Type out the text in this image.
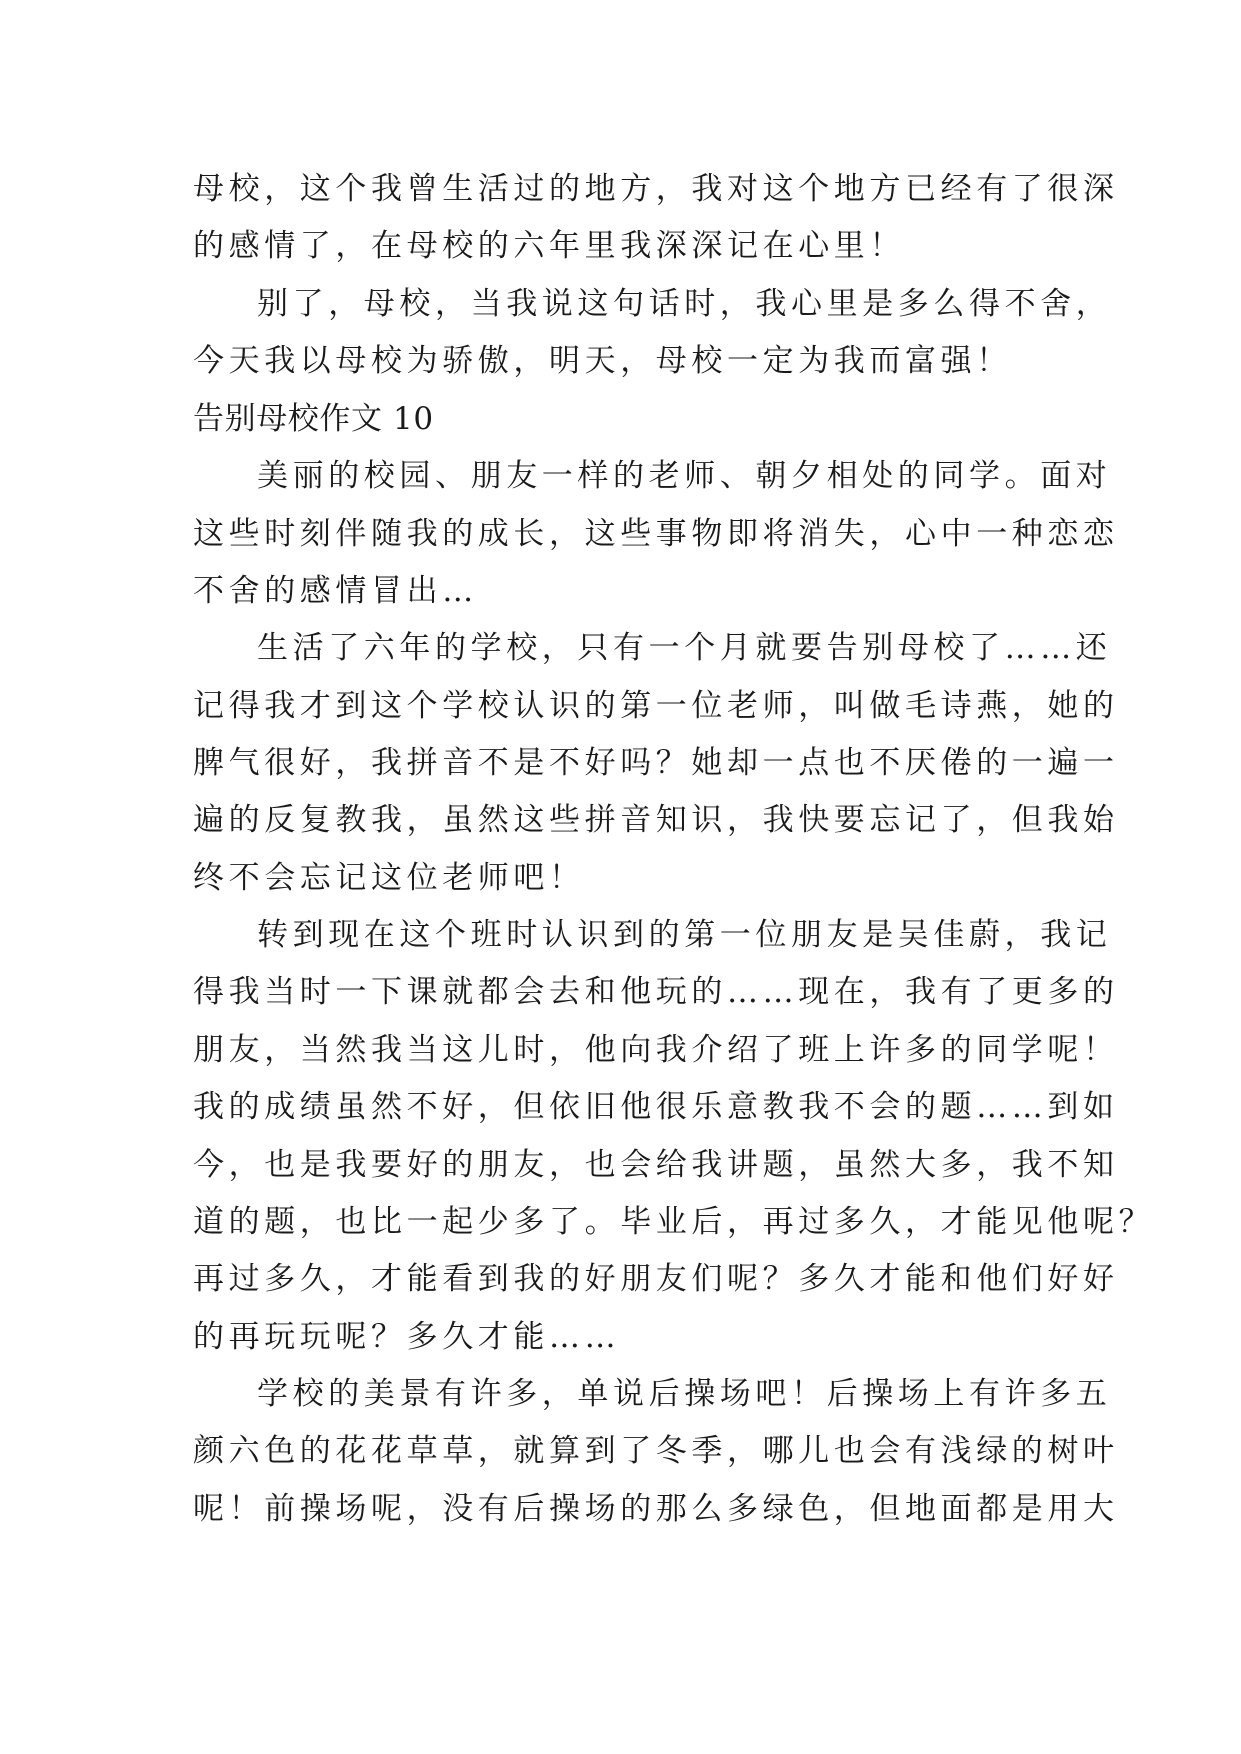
母校，这个我曾生活过的地方，我对这个地方已经有了很深
的感情了，在母校的六年里我深深记在心里！
别了，母校，当我说这句话时，我心里是多么得不舍，
今天我以母校为骄傲，明天，母校一定为我而富强！
告别母校作文 10
美丽的校园、朋友一样的老师、朝夕相处的同学。面对
这些时刻伴随我的成长，这些事物即将消失，心中一种恋恋
不舍的感情冒出…
生活了六年的学校，只有一个月就要告别母校了……还
记得我才到这个学校认识的第一位老师，叫做毛诗燕，她的
脾气很好，我拼音不是不好吗？她却一点也不厌倦的一遍一
遍的反复教我，虽然这些拼音知识，我快要忘记了，但我始
终不会忘记这位老师吧！
转到现在这个班时认识到的第一位朋友是吴佳蔚，我记
得我当时一下课就都会去和他玩的……现在，我有了更多的
朋友，当然我当这儿时，他向我介绍了班上许多的同学呢！
我的成绩虽然不好，但依旧他很乐意教我不会的题……到如
今，也是我要好的朋友，也会给我讲题，虽然大多，我不知
道的题，也比一起少多了。毕业后，再过多久，才能见他呢？
再过多久，才能看到我的好朋友们呢？多久才能和他们好好
的再玩玩呢？多久才能……
学校的美景有许多，单说后操场吧！后操场上有许多五
颜六色的花花草草，就算到了冬季，哪儿也会有浅绿的树叶
呢！前操场呢，没有后操场的那么多绿色，但地面都是用大
